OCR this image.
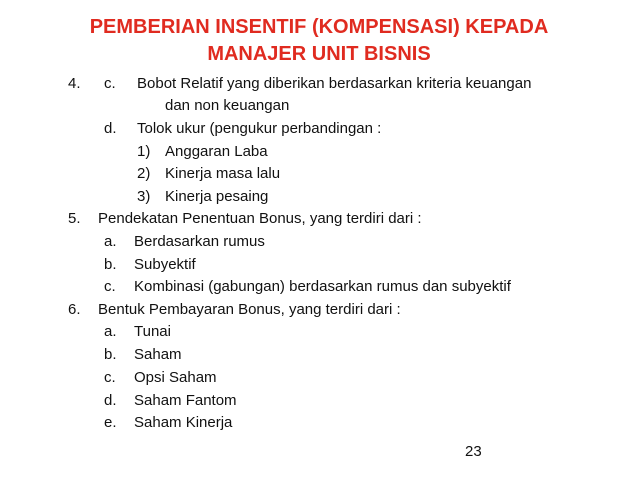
PEMBERIAN INSENTIF (KOMPENSASI) KEPADA
MANAJER UNIT BISNIS
4. c. Bobot Relatif yang diberikan berdasarkan kriteria keuangan
dan non keuangan
d. Tolok ukur (pengukur perbandingan :
1) Anggaran Laba
2) Kinerja masa lalu
3) Kinerja pesaing
5. Pendekatan Penentuan Bonus, yang terdiri dari :
a. Berdasarkan rumus
b. Subyektif
c. Kombinasi (gabungan) berdasarkan rumus dan subyektif
6. Bentuk Pembayaran Bonus, yang terdiri dari :
a. Tunai
b. Saham
c. Opsi Saham
d. Saham Fantom
e. Saham Kinerja
23
